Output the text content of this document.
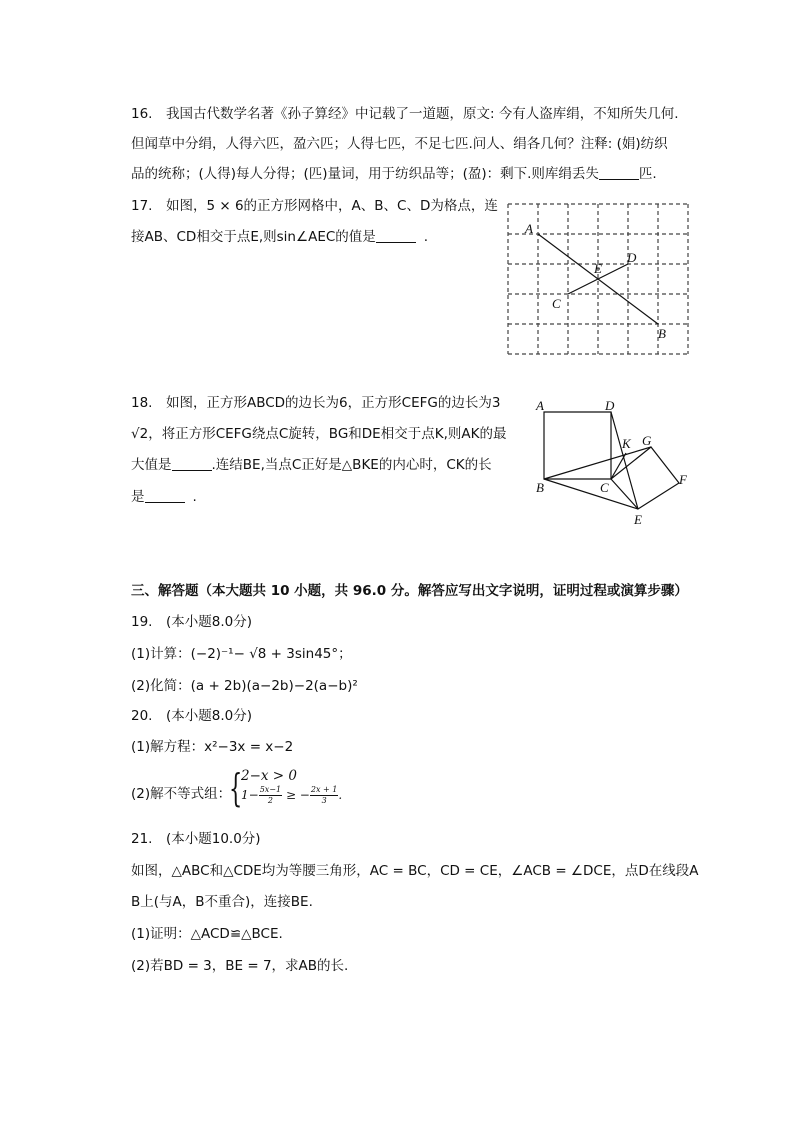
16.　我国古代数学名著《孙子算经》中记载了一道题，原文: 今有人盗库绢，不知所失几何.
但闻草中分绢，人得六匹，盈六匹；人得七匹，不足七匹.问人、绢各几何？注释: (娟)纺织
品的统称；(人得)每人分得；(匹)量词，用于纺织品等；(盈)：剩下.则库绢丢失	匹.
17.　如图，5 × 6的正方形网格中，A、B、C、D为格点，连
接AB、CD相交于点E,则sin∠AEC的值是	.
A
B
C
D
E
18.　如图，正方形ABCD的边长为6，正方形CEFG的边长为3
√2，将正方形CEFG绕点C旋转，BG和DE相交于点K,则AK的最
大值是	.连结BE,当点C正好是△BKE的内心时，CK的长
是	.
A	D
B	C
K G
F
E
三、解答题（本大题共 10 小题，共 96.0 分。解答应写出文字说明，证明过程或演算步骤）
19.　(本小题8.0分)
(1)计算：(−2)⁻¹− √8 + 3sin45°；
(2)化简：(a + 2b)(a−2b)−2(a−b)²
20.　(本小题8.0分)
(1)解方程：x²−3x = x−2
(2)解不等式组：
{
2−x > 0
$1- \frac{5x-1}{2}$ ≥ − $\frac{2x + 1}{3}$ .
21.　(本小题10.0分)
如图，△ABC和△CDE均为等腰三角形，AC = BC，CD = CE，∠ACB = ∠DCE，点D在线段A
B上(与A，B不重合)，连接BE.
(1)证明：△ACD≌△BCE.
(2)若BD = 3，BE = 7，求AB的长.
